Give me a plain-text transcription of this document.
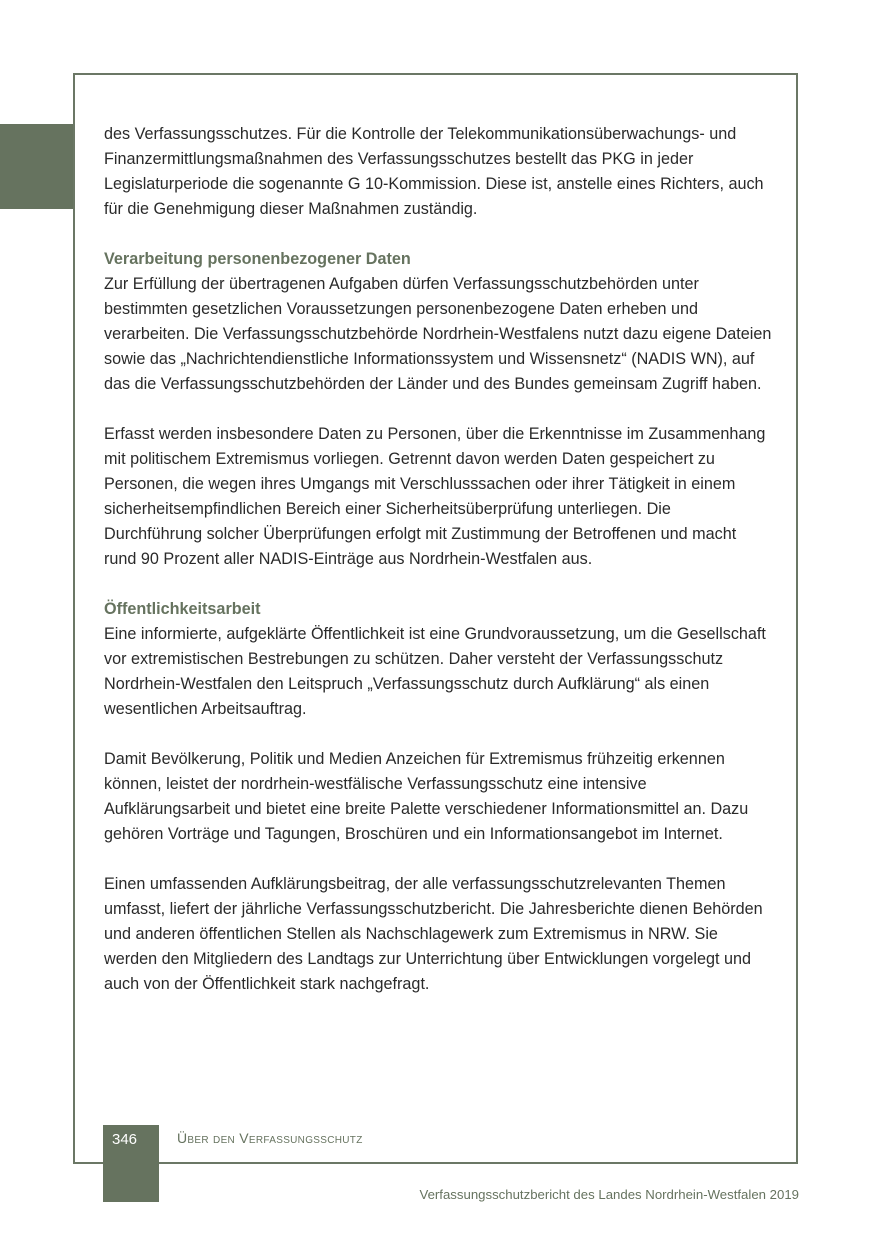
des Verfassungsschutzes. Für die Kontrolle der Telekommunikationsüberwachungs- und Finanzermittlungsmaßnahmen des Verfassungsschutzes bestellt das PKG in jeder Legislaturperiode die sogenannte G 10-Kommission. Diese ist, anstelle eines Richters, auch für die Genehmigung dieser Maßnahmen zuständig.

Verarbeitung personenbezogener Daten

Zur Erfüllung der übertragenen Aufgaben dürfen Verfassungsschutzbehörden unter bestimmten gesetzlichen Voraussetzungen personenbezogene Daten erheben und verarbeiten. Die Verfassungsschutzbehörde Nordrhein-Westfalens nutzt dazu eigene Dateien sowie das „Nachrichtendienstliche Informationssystem und Wissensnetz“ (NADIS WN), auf das die Verfassungsschutzbehörden der Länder und des Bundes gemeinsam Zugriff haben.

Erfasst werden insbesondere Daten zu Personen, über die Erkenntnisse im Zusammenhang mit politischem Extremismus vorliegen. Getrennt davon werden Daten gespeichert zu Personen, die wegen ihres Umgangs mit Verschlusssachen oder ihrer Tätigkeit in einem sicherheitsempfindlichen Bereich einer Sicherheitsüberprüfung unterliegen. Die Durchführung solcher Überprüfungen erfolgt mit Zustimmung der Betroffenen und macht rund 90 Prozent aller NADIS-Einträge aus Nordrhein-Westfalen aus.

Öffentlichkeitsarbeit

Eine informierte, aufgeklärte Öffentlichkeit ist eine Grundvoraussetzung, um die Gesellschaft vor extremistischen Bestrebungen zu schützen. Daher versteht der Verfassungsschutz Nordrhein-Westfalen den Leitspruch „Verfassungsschutz durch Aufklärung“ als einen wesentlichen Arbeitsauftrag.

Damit Bevölkerung, Politik und Medien Anzeichen für Extremismus frühzeitig erkennen können, leistet der nordrhein-westfälische Verfassungsschutz eine intensive Aufklärungsarbeit und bietet eine breite Palette verschiedener Informationsmittel an. Dazu gehören Vorträge und Tagungen, Broschüren und ein Informationsangebot im Internet.

Einen umfassenden Aufklärungsbeitrag, der alle verfassungsschutzrelevanten Themen umfasst, liefert der jährliche Verfassungsschutzbericht. Die Jahresberichte dienen Behörden und anderen öffentlichen Stellen als Nachschlagewerk zum Extremismus in NRW. Sie werden den Mitgliedern des Landtags zur Unterrichtung über Entwicklungen vorgelegt und auch von der Öffentlichkeit stark nachgefragt.

346	Über den Verfassungsschutz
Verfassungsschutzbericht des Landes Nordrhein-Westfalen 2019
